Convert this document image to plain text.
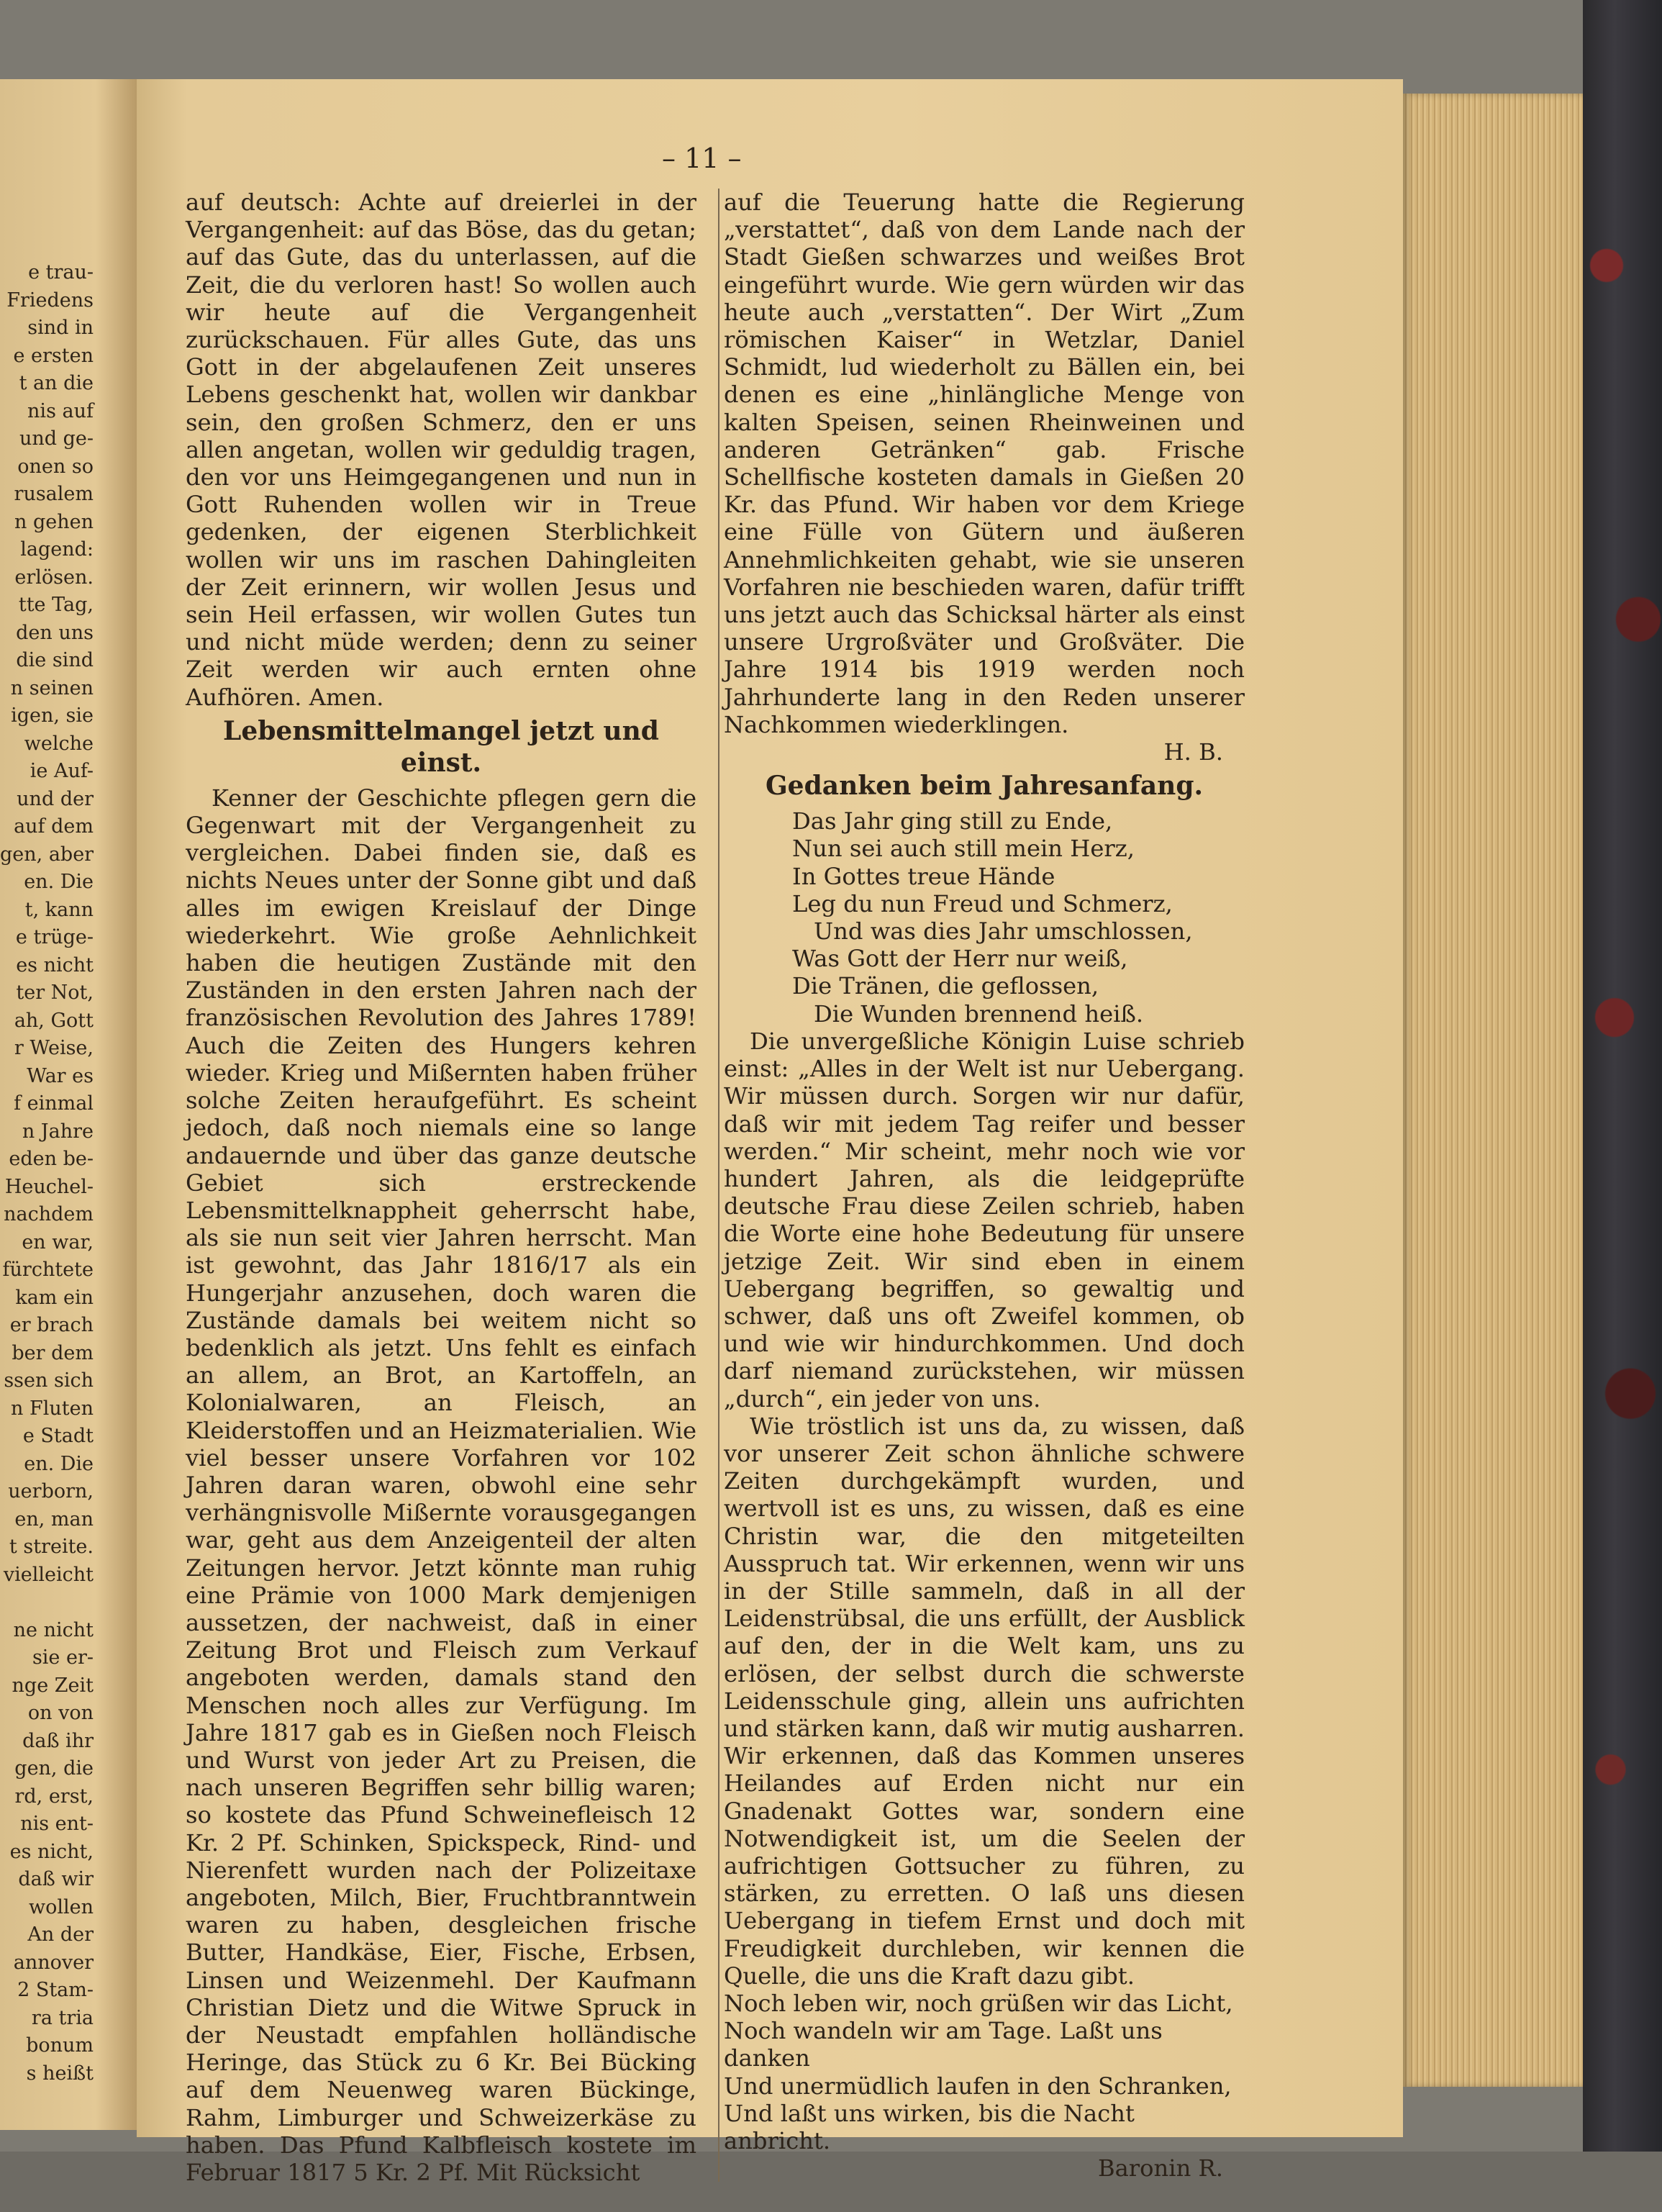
e trau-
Friedens
sind in
e ersten
t an die
nis auf
und ge-
onen so
rusalem
n gehen
lagend:
erlösen.
tte Tag,
den uns
die sind
n seinen
igen, sie
welche
ie Auf-
und der
auf dem
gen, aber
en. Die
t, kann
e trüge-
es nicht
ter Not,
ah, Gott
r Weise,
War es
f einmal
n Jahre
eden be-
Heuchel-
nachdem
en war,
fürchtete
kam ein
er brach
ber dem
ssen sich
n Fluten
e Stadt
en. Die
uerborn,
en, man
t streite.
vielleicht

ne nicht
sie er-
nge Zeit
on von
daß ihr
gen, die
rd, erst,
nis ent-
es nicht,
daß wir
wollen
An der
annover
2 Stam-
ra tria
bonum
s heißt
– 11 –

auf deutsch: Achte auf dreierlei in der Vergangenheit: auf das Böse, das du getan; auf das Gute, das du unterlassen, auf die Zeit, die du verloren hast! So wollen auch wir heute auf die Vergangenheit zurückschauen. Für alles Gute, das uns Gott in der abgelaufenen Zeit unseres Lebens geschenkt hat, wollen wir dankbar sein, den großen Schmerz, den er uns allen angetan, wollen wir geduldig tragen, den vor uns Heimgegangenen und nun in Gott Ruhenden wollen wir in Treue gedenken, der eigenen Sterblichkeit wollen wir uns im raschen Dahingleiten der Zeit erinnern, wir wollen Jesus und sein Heil erfassen, wir wollen Gutes tun und nicht müde werden; denn zu seiner Zeit werden wir auch ernten ohne Aufhören. Amen.

Lebensmittelmangel jetzt und einst.

Kenner der Geschichte pflegen gern die Gegenwart mit der Vergangenheit zu vergleichen. Dabei finden sie, daß es nichts Neues unter der Sonne gibt und daß alles im ewigen Kreislauf der Dinge wiederkehrt. Wie große Aehnlichkeit haben die heutigen Zustände mit den Zuständen in den ersten Jahren nach der französischen Revolution des Jahres 1789! Auch die Zeiten des Hungers kehren wieder. Krieg und Mißernten haben früher solche Zeiten heraufgeführt. Es scheint jedoch, daß noch niemals eine so lange andauernde und über das ganze deutsche Gebiet sich erstreckende Lebensmittelknappheit geherrscht habe, als sie nun seit vier Jahren herrscht. Man ist gewohnt, das Jahr 1816/17 als ein Hungerjahr anzusehen, doch waren die Zustände damals bei weitem nicht so bedenklich als jetzt. Uns fehlt es einfach an allem, an Brot, an Kartoffeln, an Kolonialwaren, an Fleisch, an Kleiderstoffen und an Heizmaterialien. Wie viel besser unsere Vorfahren vor 102 Jahren daran waren, obwohl eine sehr verhängnisvolle Mißernte vorausgegangen war, geht aus dem Anzeigenteil der alten Zeitungen hervor. Jetzt könnte man ruhig eine Prämie von 1000 Mark demjenigen aussetzen, der nachweist, daß in einer Zeitung Brot und Fleisch zum Verkauf angeboten werden, damals stand den Menschen noch alles zur Verfügung. Im Jahre 1817 gab es in Gießen noch Fleisch und Wurst von jeder Art zu Preisen, die nach unseren Begriffen sehr billig waren; so kostete das Pfund Schweinefleisch 12 Kr. 2 Pf. Schinken, Spickspeck, Rind- und Nierenfett wurden nach der Polizeitaxe angeboten, Milch, Bier, Fruchtbranntwein waren zu haben, desgleichen frische Butter, Handkäse, Eier, Fische, Erbsen, Linsen und Weizenmehl. Der Kaufmann Christian Dietz und die Witwe Spruck in der Neustadt empfahlen holländische Heringe, das Stück zu 6 Kr. Bei Bücking auf dem Neuenweg waren Bückinge, Rahm, Limburger und Schweizerkäse zu haben. Das Pfund Kalbfleisch kostete im Februar 1817 5 Kr. 2 Pf. Mit Rücksicht

auf die Teuerung hatte die Regierung „verstattet“, daß von dem Lande nach der Stadt Gießen schwarzes und weißes Brot eingeführt wurde. Wie gern würden wir das heute auch „verstatten“. Der Wirt „Zum römischen Kaiser“ in Wetzlar, Daniel Schmidt, lud wiederholt zu Bällen ein, bei denen es eine „hinlängliche Menge von kalten Speisen, seinen Rheinweinen und anderen Getränken“ gab. Frische Schellfische kosteten damals in Gießen 20 Kr. das Pfund. Wir haben vor dem Kriege eine Fülle von Gütern und äußeren Annehmlichkeiten gehabt, wie sie unseren Vorfahren nie beschieden waren, dafür trifft uns jetzt auch das Schicksal härter als einst unsere Urgroßväter und Großväter. Die Jahre 1914 bis 1919 werden noch Jahrhunderte lang in den Reden unserer Nachkommen wiederklingen.

H. B.

Gedanken beim Jahresanfang.
Das Jahr ging still zu Ende,
Nun sei auch still mein Herz,
In Gottes treue Hände
Leg du nun Freud und Schmerz,
Und was dies Jahr umschlossen,
Was Gott der Herr nur weiß,
Die Tränen, die geflossen,
Die Wunden brennend heiß.

Die unvergeßliche Königin Luise schrieb einst: „Alles in der Welt ist nur Uebergang. Wir müssen durch. Sorgen wir nur dafür, daß wir mit jedem Tag reifer und besser werden.“ Mir scheint, mehr noch wie vor hundert Jahren, als die leidgeprüfte deutsche Frau diese Zeilen schrieb, haben die Worte eine hohe Bedeutung für unsere jetzige Zeit. Wir sind eben in einem Uebergang begriffen, so gewaltig und schwer, daß uns oft Zweifel kommen, ob und wie wir hindurchkommen. Und doch darf niemand zurückstehen, wir müssen „durch“, ein jeder von uns.

Wie tröstlich ist uns da, zu wissen, daß vor unserer Zeit schon ähnliche schwere Zeiten durchgekämpft wurden, und wertvoll ist es uns, zu wissen, daß es eine Christin war, die den mitgeteilten Ausspruch tat. Wir erkennen, wenn wir uns in der Stille sammeln, daß in all der Leidenstrübsal, die uns erfüllt, der Ausblick auf den, der in die Welt kam, uns zu erlösen, der selbst durch die schwerste Leidensschule ging, allein uns aufrichten und stärken kann, daß wir mutig ausharren. Wir erkennen, daß das Kommen unseres Heilandes auf Erden nicht nur ein Gnadenakt Gottes war, sondern eine Notwendigkeit ist, um die Seelen der aufrichtigen Gottsucher zu führen, zu stärken, zu erretten. O laß uns diesen Uebergang in tiefem Ernst und doch mit Freudigkeit durchleben, wir kennen die Quelle, die uns die Kraft dazu gibt.

Noch leben wir, noch grüßen wir das Licht,
Noch wandeln wir am Tage. Laßt uns danken
Und unermüdlich laufen in den Schranken,
Und laßt uns wirken, bis die Nacht anbricht.

Baronin R.
